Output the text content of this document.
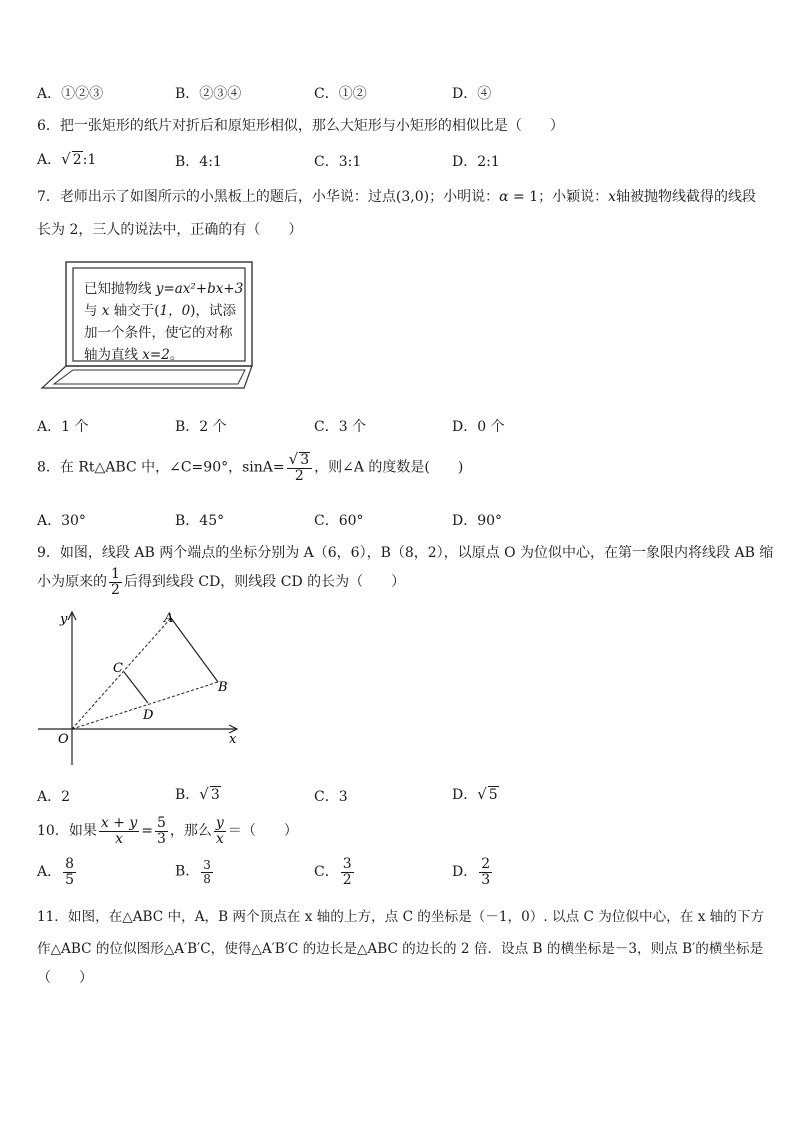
A．①②③	B．②③④	C．①②	D．④
6．把一张矩形的纸片对折后和原矩形相似，那么大矩形与小矩形的相似比是（　　）
A．√ 2:1	B．4:1	C．3:1	D．2:1
7．老师出示了如图所示的小黑板上的题后，小华说：过点(3,0)；小明说：α = 1；小颖说：x轴被抛物线截得的线段
长为 2，三人的说法中，正确的有（　　）
已知抛物线 y=ax²+bx+3
与 x 轴交于(1，0)，试添
加一个条件，使它的对称
轴为直线 x=2。
A．1 个	B．2 个	C．3 个	D．0 个
8．在 Rt△ABC 中，∠C=90°，$\sin A= \frac{√ 3}{2}$ ，则∠A 的度数是(　　)
A．30°	B．45°	C．60°	D．90°
9．如图，线段 AB 两个端点的坐标分别为 A（6，6），B（8，2），以原点 O 为位似中心，在第一象限内将线段 AB 缩
小为原来的 $\frac{1}{2}$ 后得到线段 CD，则线段 CD 的长为（　　）
y
x
O
A
B
C
D
A．2	B．√ 3	C．3	D．√ 5
10．如果 $\frac{x + y}{x} = \frac{5}{3}$ ，那么 $\frac{y}{x}$ ＝（　　）
A． $\frac{8}{5}$	B． $\frac{3}{8}$	C． $\frac{3}{2}$	D． $\frac{2}{3}$
11．如图，在△ABC 中，A，B 两个顶点在 x 轴的上方，点 C 的坐标是（－1，0）. 以点 C 为位似中心，在 x 轴的下方
作△ABC 的位似图形△A′B′C，使得△A′B′C 的边长是△ABC 的边长的 2 倍．设点 B 的横坐标是－3，则点 B′的横坐标是
（　　）
